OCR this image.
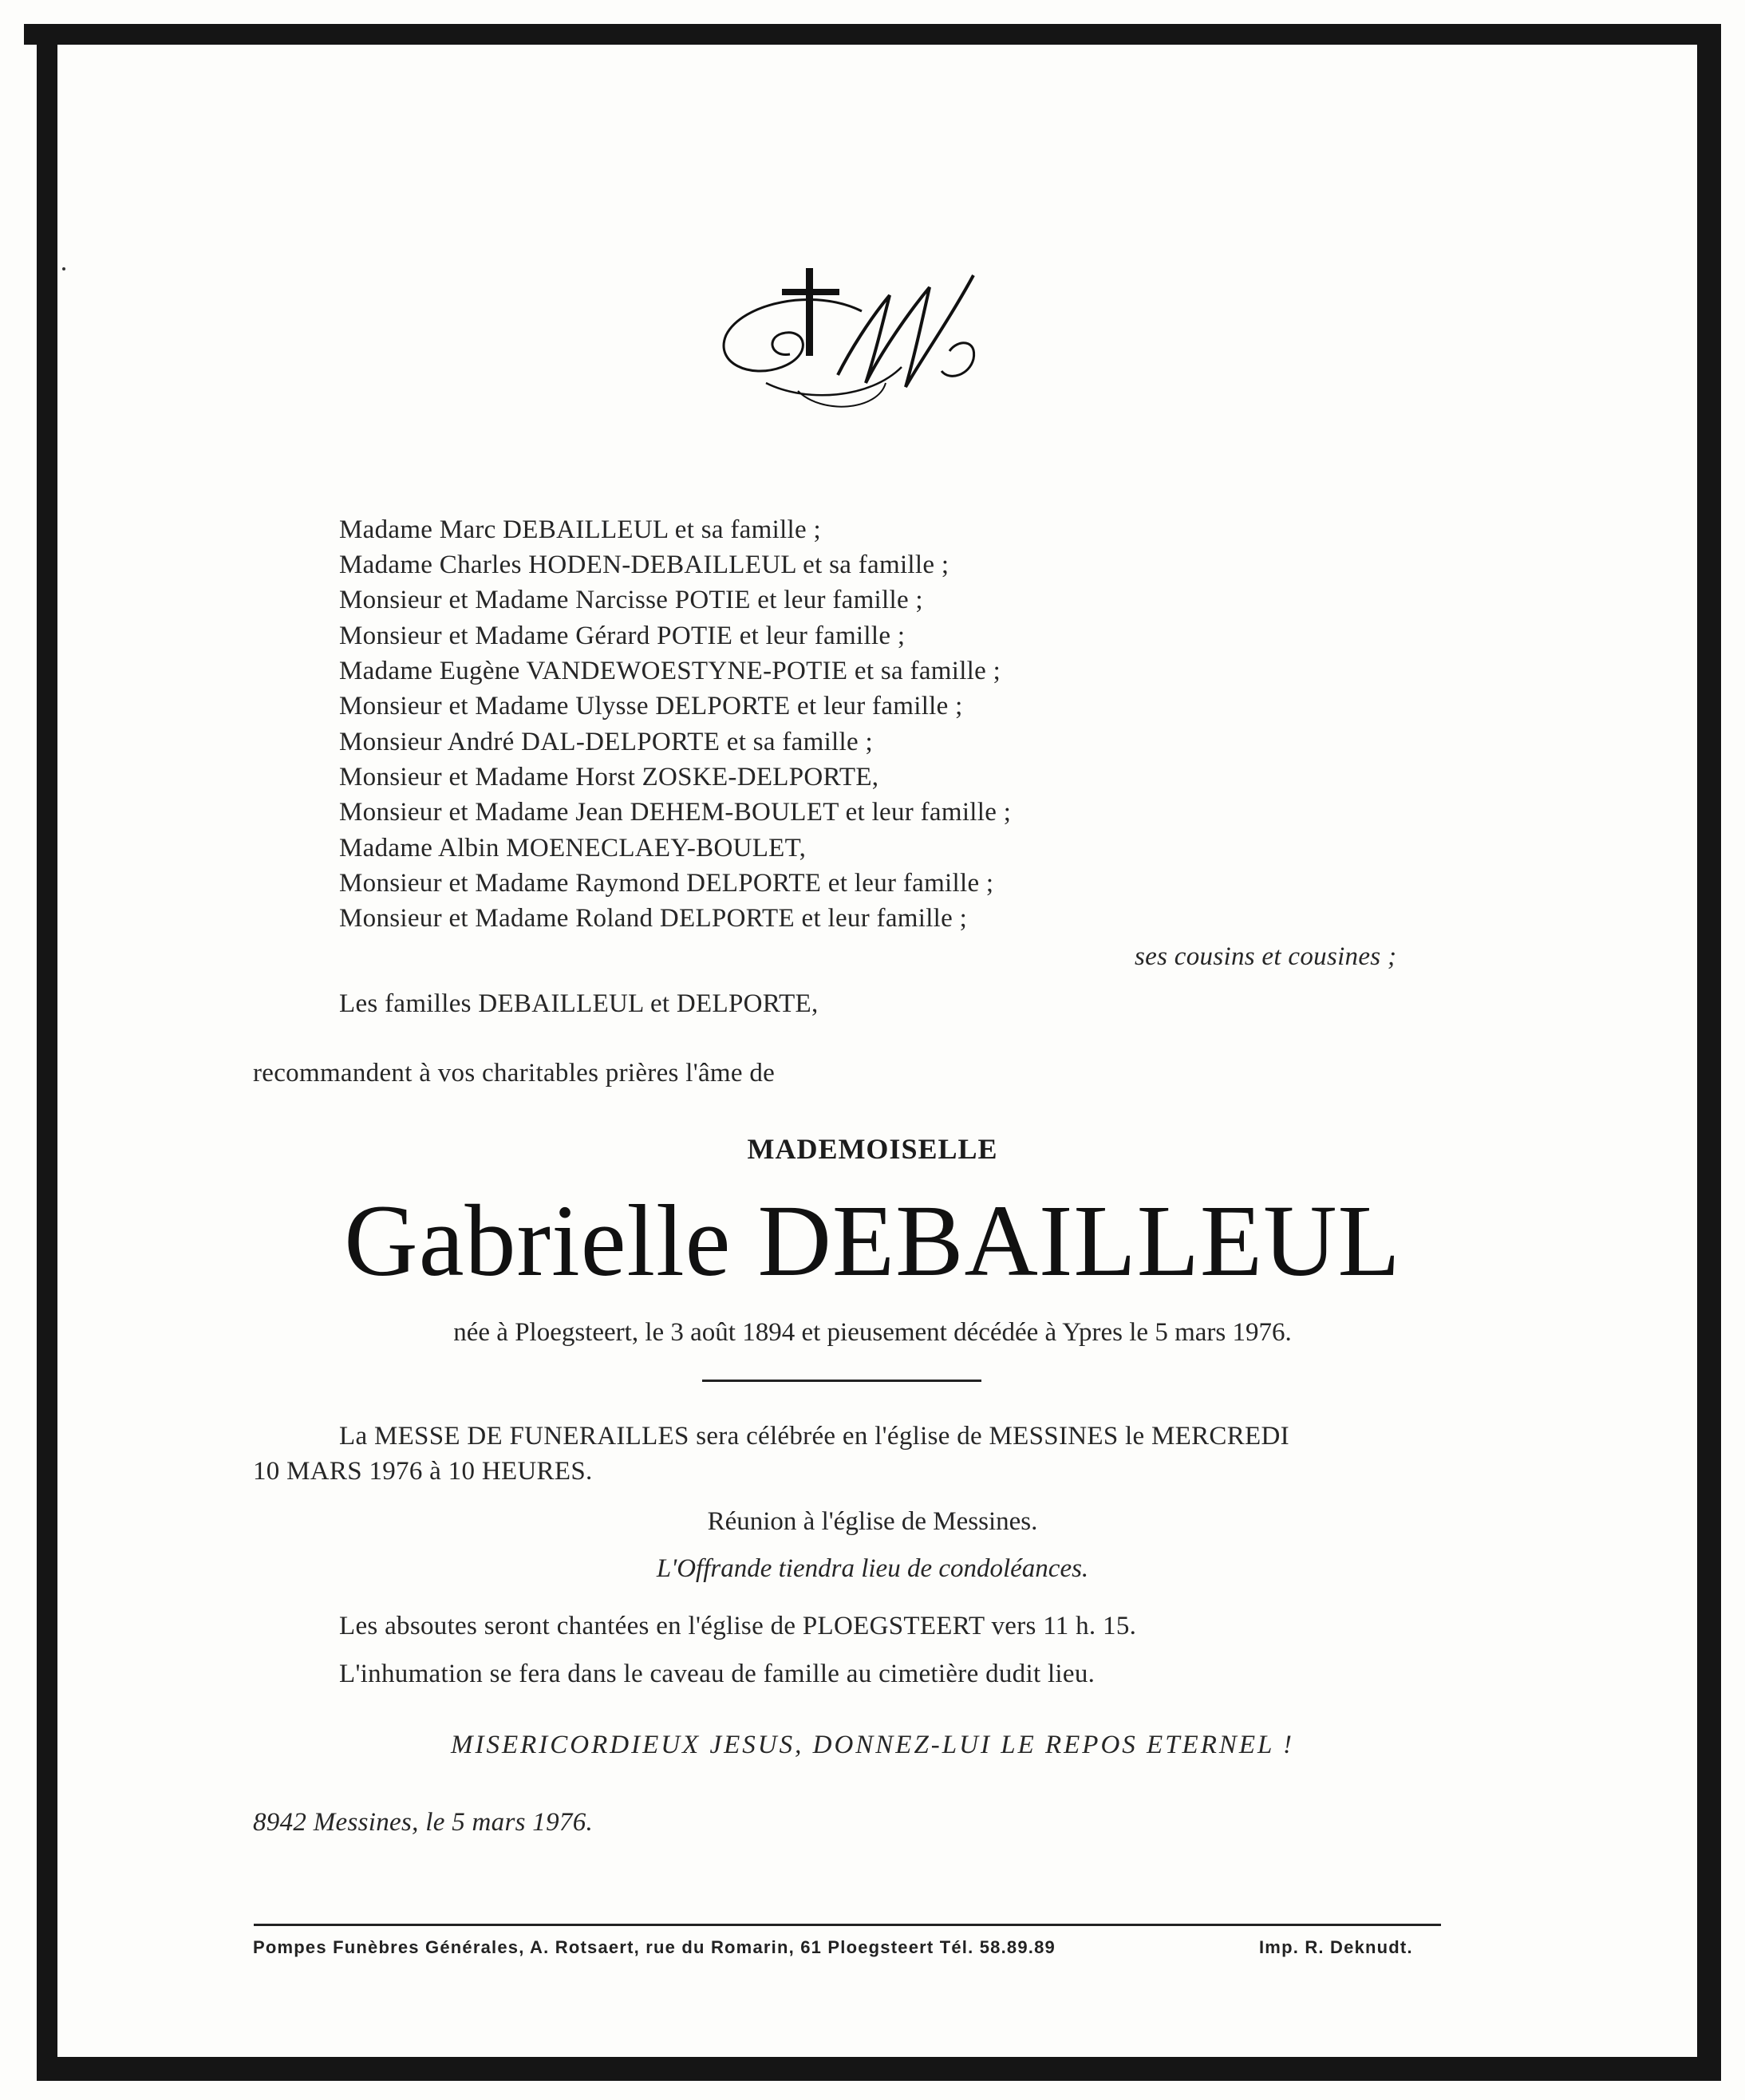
Madame Marc DEBAILLEUL et sa famille ;
Madame Charles HODEN-DEBAILLEUL et sa famille ;
Monsieur et Madame Narcisse POTIE et leur famille ;
Monsieur et Madame Gérard POTIE et leur famille ;
Madame Eugène VANDEWOESTYNE-POTIE et sa famille ;
Monsieur et Madame Ulysse DELPORTE et leur famille ;
Monsieur André DAL-DELPORTE et sa famille ;
Monsieur et Madame Horst ZOSKE-DELPORTE,
Monsieur et Madame Jean DEHEM-BOULET et leur famille ;
Madame Albin MOENECLAEY-BOULET,
Monsieur et Madame Raymond DELPORTE et leur famille ;
Monsieur et Madame Roland DELPORTE et leur famille ;
ses cousins et cousines ;
Les familles DEBAILLEUL et DELPORTE,
recommandent à vos charitables prières l'âme de
MADEMOISELLE
Gabrielle DEBAILLEUL
née à Ploegsteert, le 3 août 1894 et pieusement décédée à Ypres le 5 mars 1976.
La MESSE DE FUNERAILLES sera célébrée en l'église de MESSINES le MERCREDI
10 MARS 1976 à 10 HEURES.
Réunion à l'église de Messines.
L'Offrande tiendra lieu de condoléances.
Les absoutes seront chantées en l'église de PLOEGSTEERT vers 11 h. 15.
L'inhumation se fera dans le caveau de famille au cimetière dudit lieu.
MISERICORDIEUX JESUS, DONNEZ-LUI LE REPOS ETERNEL !
8942 Messines, le 5 mars 1976.
Pompes Funèbres Générales, A. Rotsaert, rue du Romarin, 61 Ploegsteert Tél. 58.89.89	Imp. R. Deknudt.
